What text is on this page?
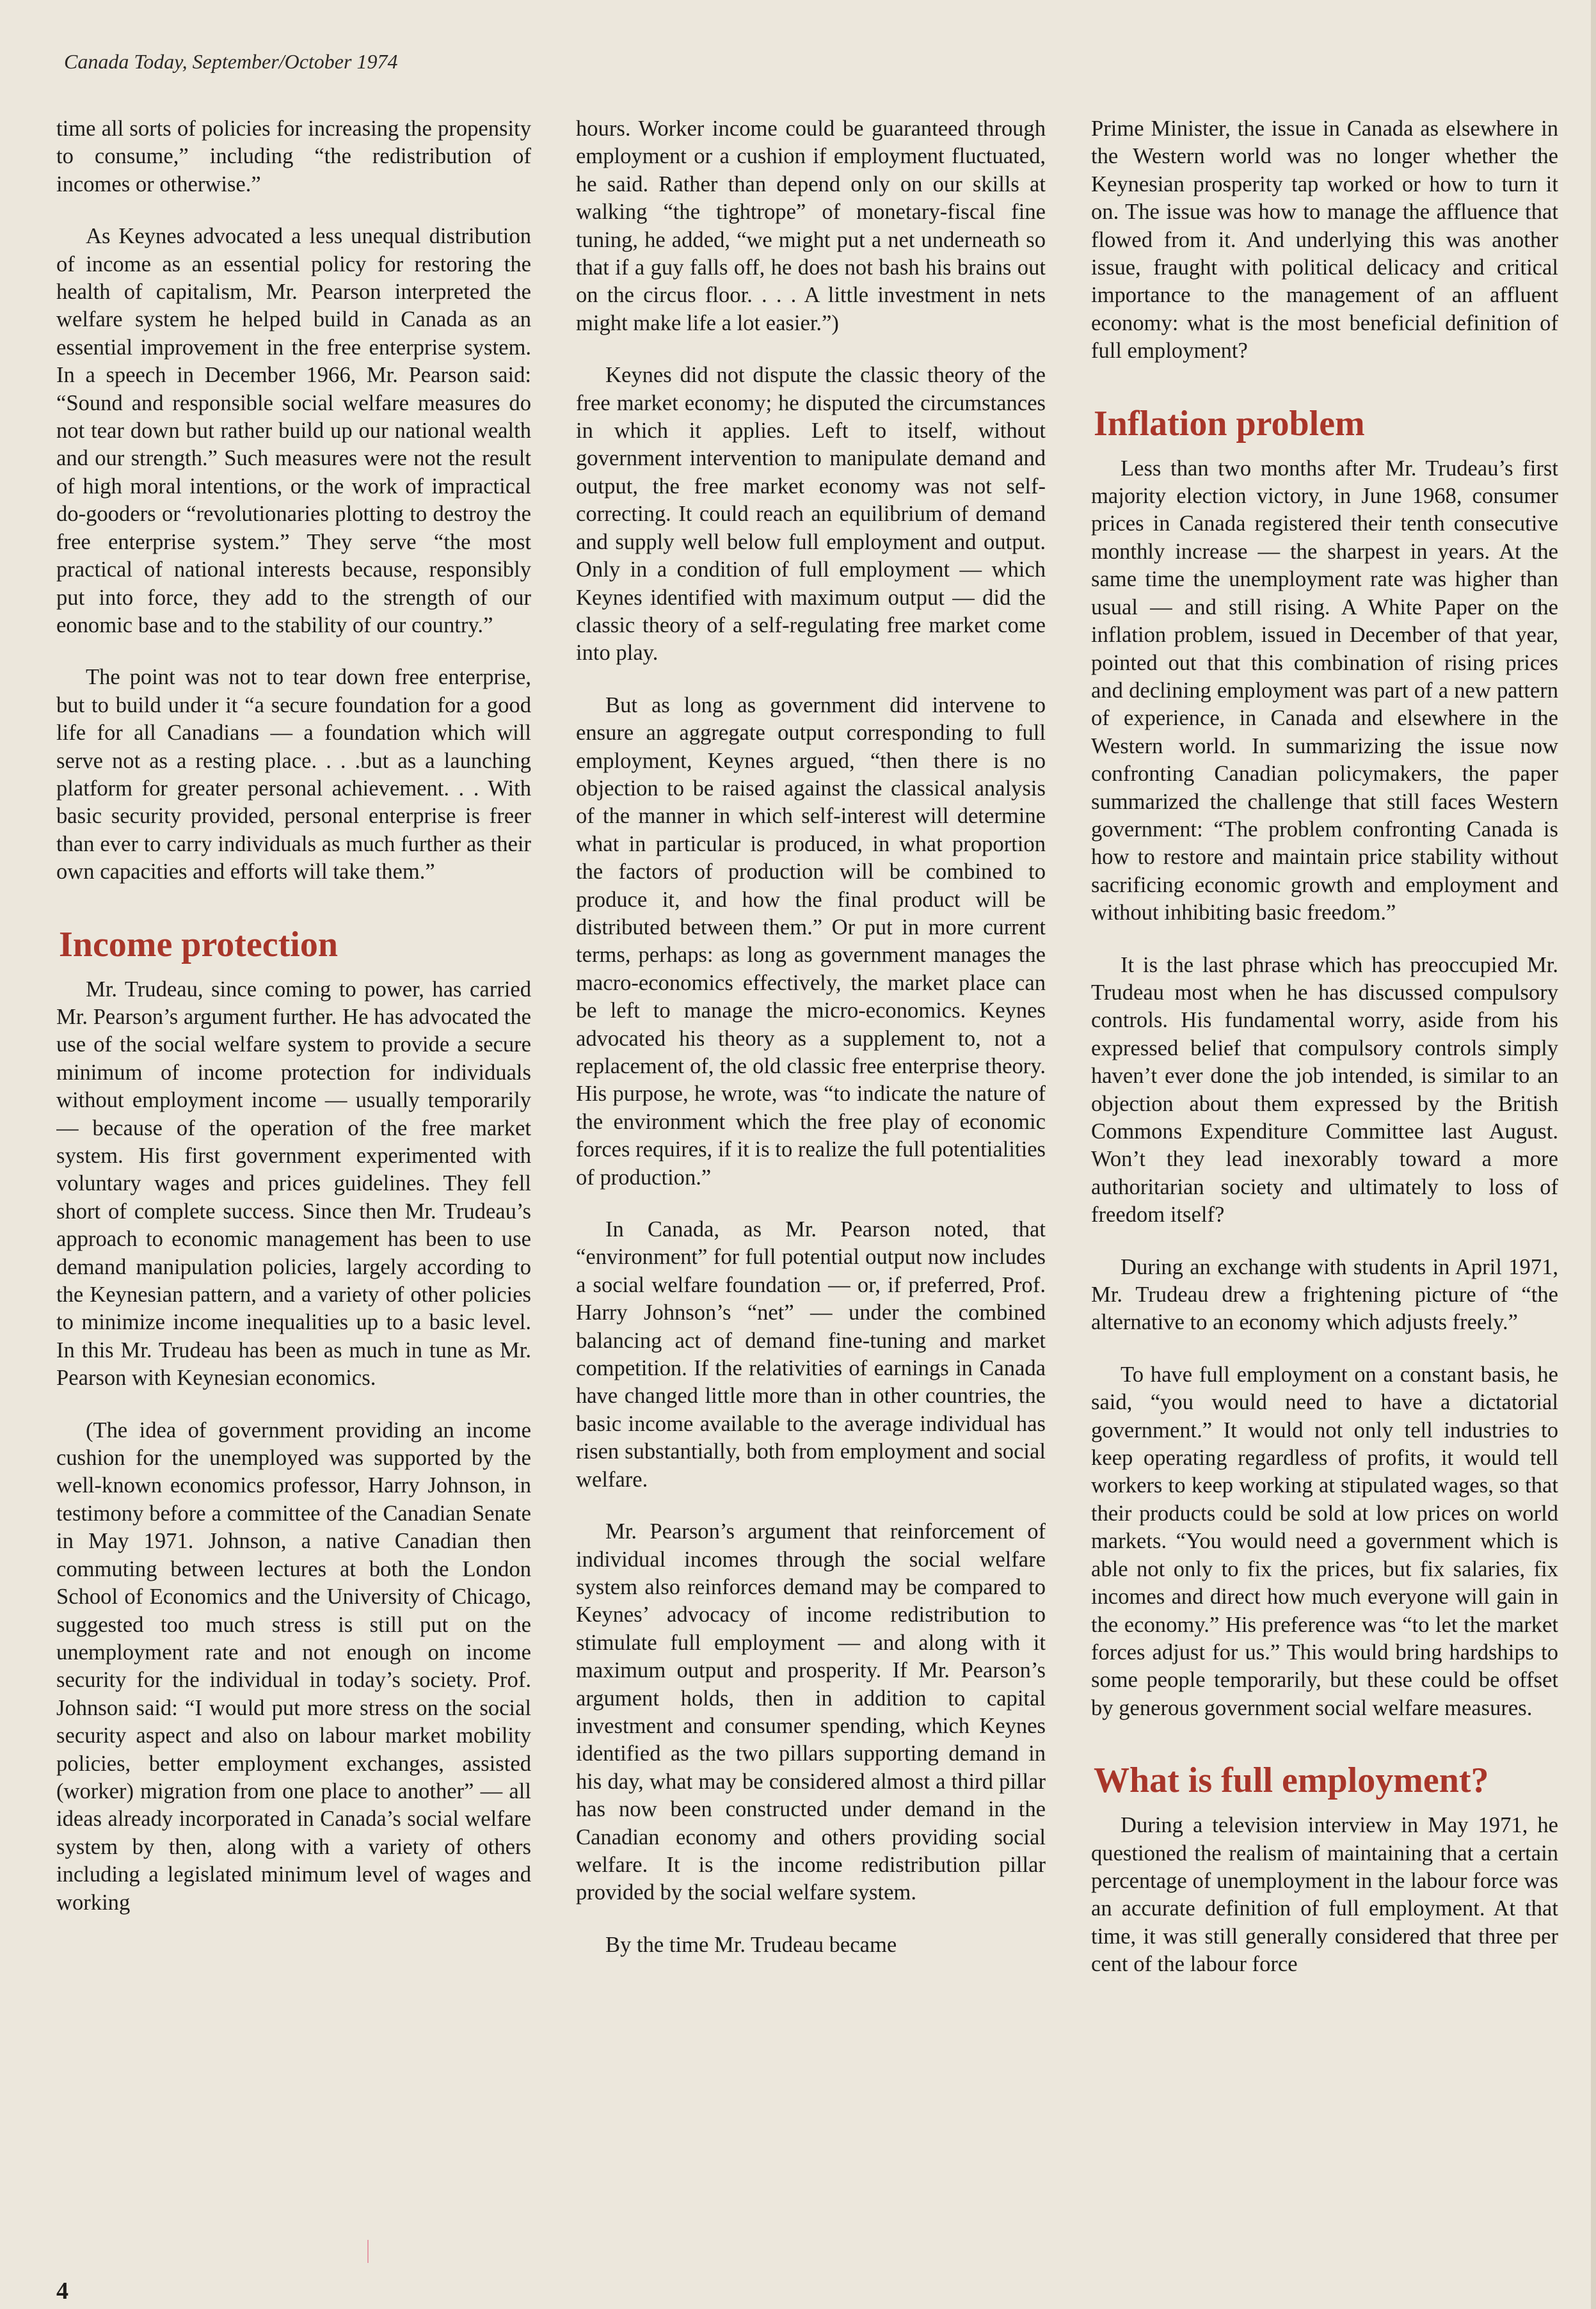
Canada Today, September/October 1974

time all sorts of policies for increasing the propensity to consume,” including “the redistribution of incomes or otherwise.”

As Keynes advocated a less unequal distribution of income as an essential policy for restoring the health of capitalism, Mr. Pearson interpreted the welfare system he helped build in Canada as an essential improvement in the free enterprise system. In a speech in December 1966, Mr. Pearson said: “Sound and responsible social welfare measures do not tear down but rather build up our national wealth and our strength.” Such measures were not the result of high moral intentions, or the work of impractical do-gooders or “revolutionaries plotting to destroy the free enterprise system.” They serve “the most practical of national interests because, responsibly put into force, they add to the strength of our eonomic base and to the stability of our country.”

The point was not to tear down free enterprise, but to build under it “a secure foundation for a good life for all Canadians — a foundation which will serve not as a resting place. . . .but as a launching platform for greater personal achievement. . . With basic security provided, personal enterprise is freer than ever to carry individuals as much further as their own capacities and efforts will take them.”

Income protection

Mr. Trudeau, since coming to power, has carried Mr. Pearson’s argument further. He has advocated the use of the social welfare system to provide a secure minimum of income protection for individuals without employment income — usually temporarily — because of the operation of the free market system. His first government experimented with voluntary wages and prices guidelines. They fell short of complete success. Since then Mr. Trudeau’s approach to economic management has been to use demand manipulation policies, largely according to the Keynesian pattern, and a variety of other policies to minimize income inequalities up to a basic level. In this Mr. Trudeau has been as much in tune as Mr. Pearson with Keynesian economics.

(The idea of government providing an income cushion for the unemployed was supported by the well-known economics professor, Harry Johnson, in testimony before a committee of the Canadian Senate in May 1971. Johnson, a native Canadian then commuting between lectures at both the London School of Economics and the University of Chicago, suggested too much stress is still put on the unemployment rate and not enough on income security for the individual in today’s society. Prof. Johnson said: “I would put more stress on the social security aspect and also on labour market mobility policies, better employment exchanges, assisted (worker) migration from one place to another” — all ideas already incorporated in Canada’s social welfare system by then, along with a variety of others including a legislated minimum level of wages and working

hours. Worker income could be guaranteed through employment or a cushion if employment fluctuated, he said. Rather than depend only on our skills at walking “the tightrope” of monetary-fiscal fine tuning, he added, “we might put a net underneath so that if a guy falls off, he does not bash his brains out on the circus floor. . . . A little investment in nets might make life a lot easier.”)

Keynes did not dispute the classic theory of the free market economy; he disputed the circumstances in which it applies. Left to itself, without government intervention to manipulate demand and output, the free market economy was not self-correcting. It could reach an equilibrium of demand and supply well below full employment and output. Only in a condition of full employment — which Keynes identified with maximum output — did the classic theory of a self-regulating free market come into play.

But as long as government did intervene to ensure an aggregate output corresponding to full employment, Keynes argued, “then there is no objection to be raised against the classical analysis of the manner in which self-interest will determine what in particular is produced, in what proportion the factors of production will be combined to produce it, and how the final product will be distributed between them.” Or put in more current terms, perhaps: as long as government manages the macro-economics effectively, the market place can be left to manage the micro-economics. Keynes advocated his theory as a supplement to, not a replacement of, the old classic free enterprise theory. His purpose, he wrote, was “to indicate the nature of the environment which the free play of economic forces requires, if it is to realize the full potentialities of production.”

In Canada, as Mr. Pearson noted, that “environment” for full potential output now includes a social welfare foundation — or, if preferred, Prof. Harry Johnson’s “net” — under the combined balancing act of demand fine-tuning and market competition. If the relativities of earnings in Canada have changed little more than in other countries, the basic income available to the average individual has risen substantially, both from employment and social welfare.

Mr. Pearson’s argument that reinforcement of individual incomes through the social welfare system also reinforces demand may be compared to Keynes’ advocacy of income redistribution to stimulate full employment — and along with it maximum output and prosperity. If Mr. Pearson’s argument holds, then in addition to capital investment and consumer spending, which Keynes identified as the two pillars supporting demand in his day, what may be considered almost a third pillar has now been constructed under demand in the Canadian economy and others providing social welfare. It is the income redistribution pillar provided by the social welfare system.

By the time Mr. Trudeau became

Prime Minister, the issue in Canada as elsewhere in the Western world was no longer whether the Keynesian prosperity tap worked or how to turn it on. The issue was how to manage the affluence that flowed from it. And underlying this was another issue, fraught with political delicacy and critical importance to the management of an affluent economy: what is the most beneficial definition of full employment?

Inflation problem

Less than two months after Mr. Trudeau’s first majority election victory, in June 1968, consumer prices in Canada registered their tenth consecutive monthly increase — the sharpest in years. At the same time the unemployment rate was higher than usual — and still rising. A White Paper on the inflation problem, issued in December of that year, pointed out that this combination of rising prices and declining employment was part of a new pattern of experience, in Canada and elsewhere in the Western world. In summarizing the issue now confronting Canadian policymakers, the paper summarized the challenge that still faces Western government: “The problem confronting Canada is how to restore and maintain price stability without sacrificing economic growth and employment and without inhibiting basic freedom.”

It is the last phrase which has preoccupied Mr. Trudeau most when he has discussed compulsory controls. His fundamental worry, aside from his expressed belief that compulsory controls simply haven’t ever done the job intended, is similar to an objection about them expressed by the British Commons Expenditure Committee last August. Won’t they lead inexorably toward a more authoritarian society and ultimately to loss of freedom itself?

During an exchange with students in April 1971, Mr. Trudeau drew a frightening picture of “the alternative to an economy which adjusts freely.”

To have full employment on a constant basis, he said, “you would need to have a dictatorial government.” It would not only tell industries to keep operating regardless of profits, it would tell workers to keep working at stipulated wages, so that their products could be sold at low prices on world markets. “You would need a government which is able not only to fix the prices, but fix salaries, fix incomes and direct how much everyone will gain in the economy.” His preference was “to let the market forces adjust for us.” This would bring hardships to some people temporarily, but these could be offset by generous government social welfare measures.

What is full employment?

During a television interview in May 1971, he questioned the realism of maintaining that a certain percentage of unemployment in the labour force was an accurate definition of full employment. At that time, it was still generally considered that three per cent of the labour force

4
